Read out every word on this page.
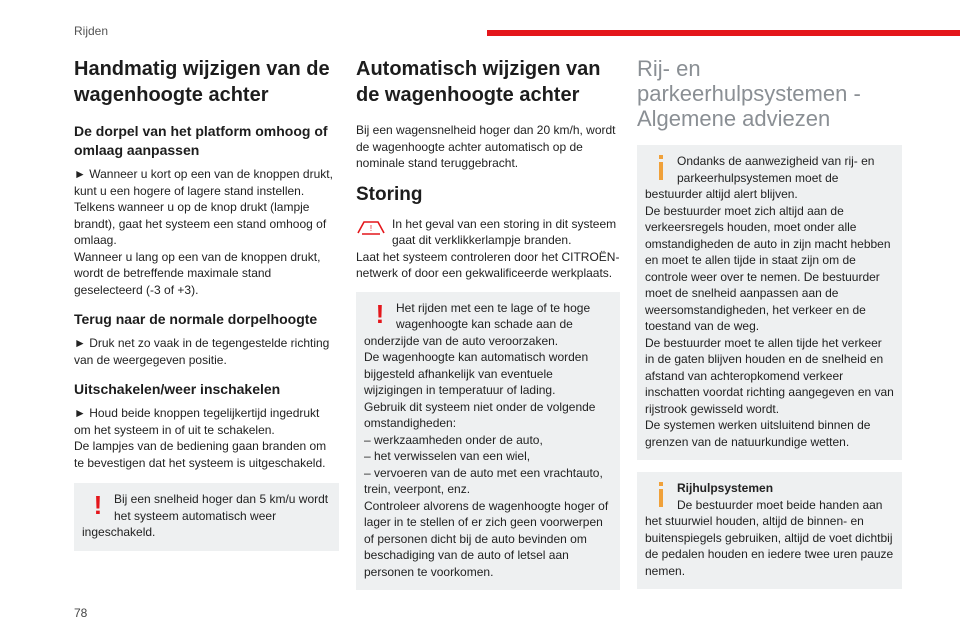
Rijden
Handmatig wijzigen van de wagenhoogte achter
De dorpel van het platform omhoog of omlaag aanpassen

► Wanneer u kort op een van de knoppen drukt, kunt u een hogere of lagere stand instellen. Telkens wanneer u op de knop drukt (lampje brandt), gaat het systeem een stand omhoog of omlaag.

Wanneer u lang op een van de knoppen drukt, wordt de betreffende maximale stand geselecteerd (-3 of +3).

Terug naar de normale dorpelhoogte

► Druk net zo vaak in de tegengestelde richting van de weergegeven positie.

Uitschakelen/weer inschakelen

► Houd beide knoppen tegelijkertijd ingedrukt om het systeem in of uit te schakelen.

De lampjes van de bediening gaan branden om te bevestigen dat het systeem is uitgeschakeld.

! Bij een snelheid hoger dan 5 km/u wordt het systeem automatisch weer ingeschakeld.

Automatisch wijzigen van de wagenhoogte achter

Bij een wagensnelheid hoger dan 20 km/h, wordt de wagenhoogte achter automatisch op de nominale stand teruggebracht.

Storing
!	In het geval van een storing in dit systeem gaat dit verklikkerlampje branden.

Laat het systeem controleren door het CITROËN-netwerk of door een gekwalificeerde werkplaats.

! Het rijden met een te lage of te hoge wagenhoogte kan schade aan de onderzijde van de auto veroorzaken.

De wagenhoogte kan automatisch worden bijgesteld afhankelijk van eventuele wijzigingen in temperatuur of lading.

Gebruik dit systeem niet onder de volgende omstandigheden:

– werkzaamheden onder de auto,

– het verwisselen van een wiel,

– vervoeren van de auto met een vrachtauto, trein, veerpont, enz.

Controleer alvorens de wagenhoogte hoger of lager in te stellen of er zich geen voorwerpen of personen dicht bij de auto bevinden om beschadiging van de auto of letsel aan personen te voorkomen.

Rij- en parkeerhulpsystemen - Algemene adviezen

Ondanks de aanwezigheid van rij- en parkeerhulpsystemen moet de bestuurder altijd alert blijven.

De bestuurder moet zich altijd aan de verkeersregels houden, moet onder alle omstandigheden de auto in zijn macht hebben en moet te allen tijde in staat zijn om de controle weer over te nemen. De bestuurder moet de snelheid aanpassen aan de weersomstandigheden, het verkeer en de toestand van de weg.

De bestuurder moet te allen tijde het verkeer in de gaten blijven houden en de snelheid en afstand van achteropkomend verkeer inschatten voordat richting aangegeven en van rijstrook gewisseld wordt.

De systemen werken uitsluitend binnen de grenzen van de natuurkundige wetten.

Rijhulpsystemen

De bestuurder moet beide handen aan het stuurwiel houden, altijd de binnen- en buitenspiegels gebruiken, altijd de voet dichtbij de pedalen houden en iedere twee uren pauze nemen.

78
